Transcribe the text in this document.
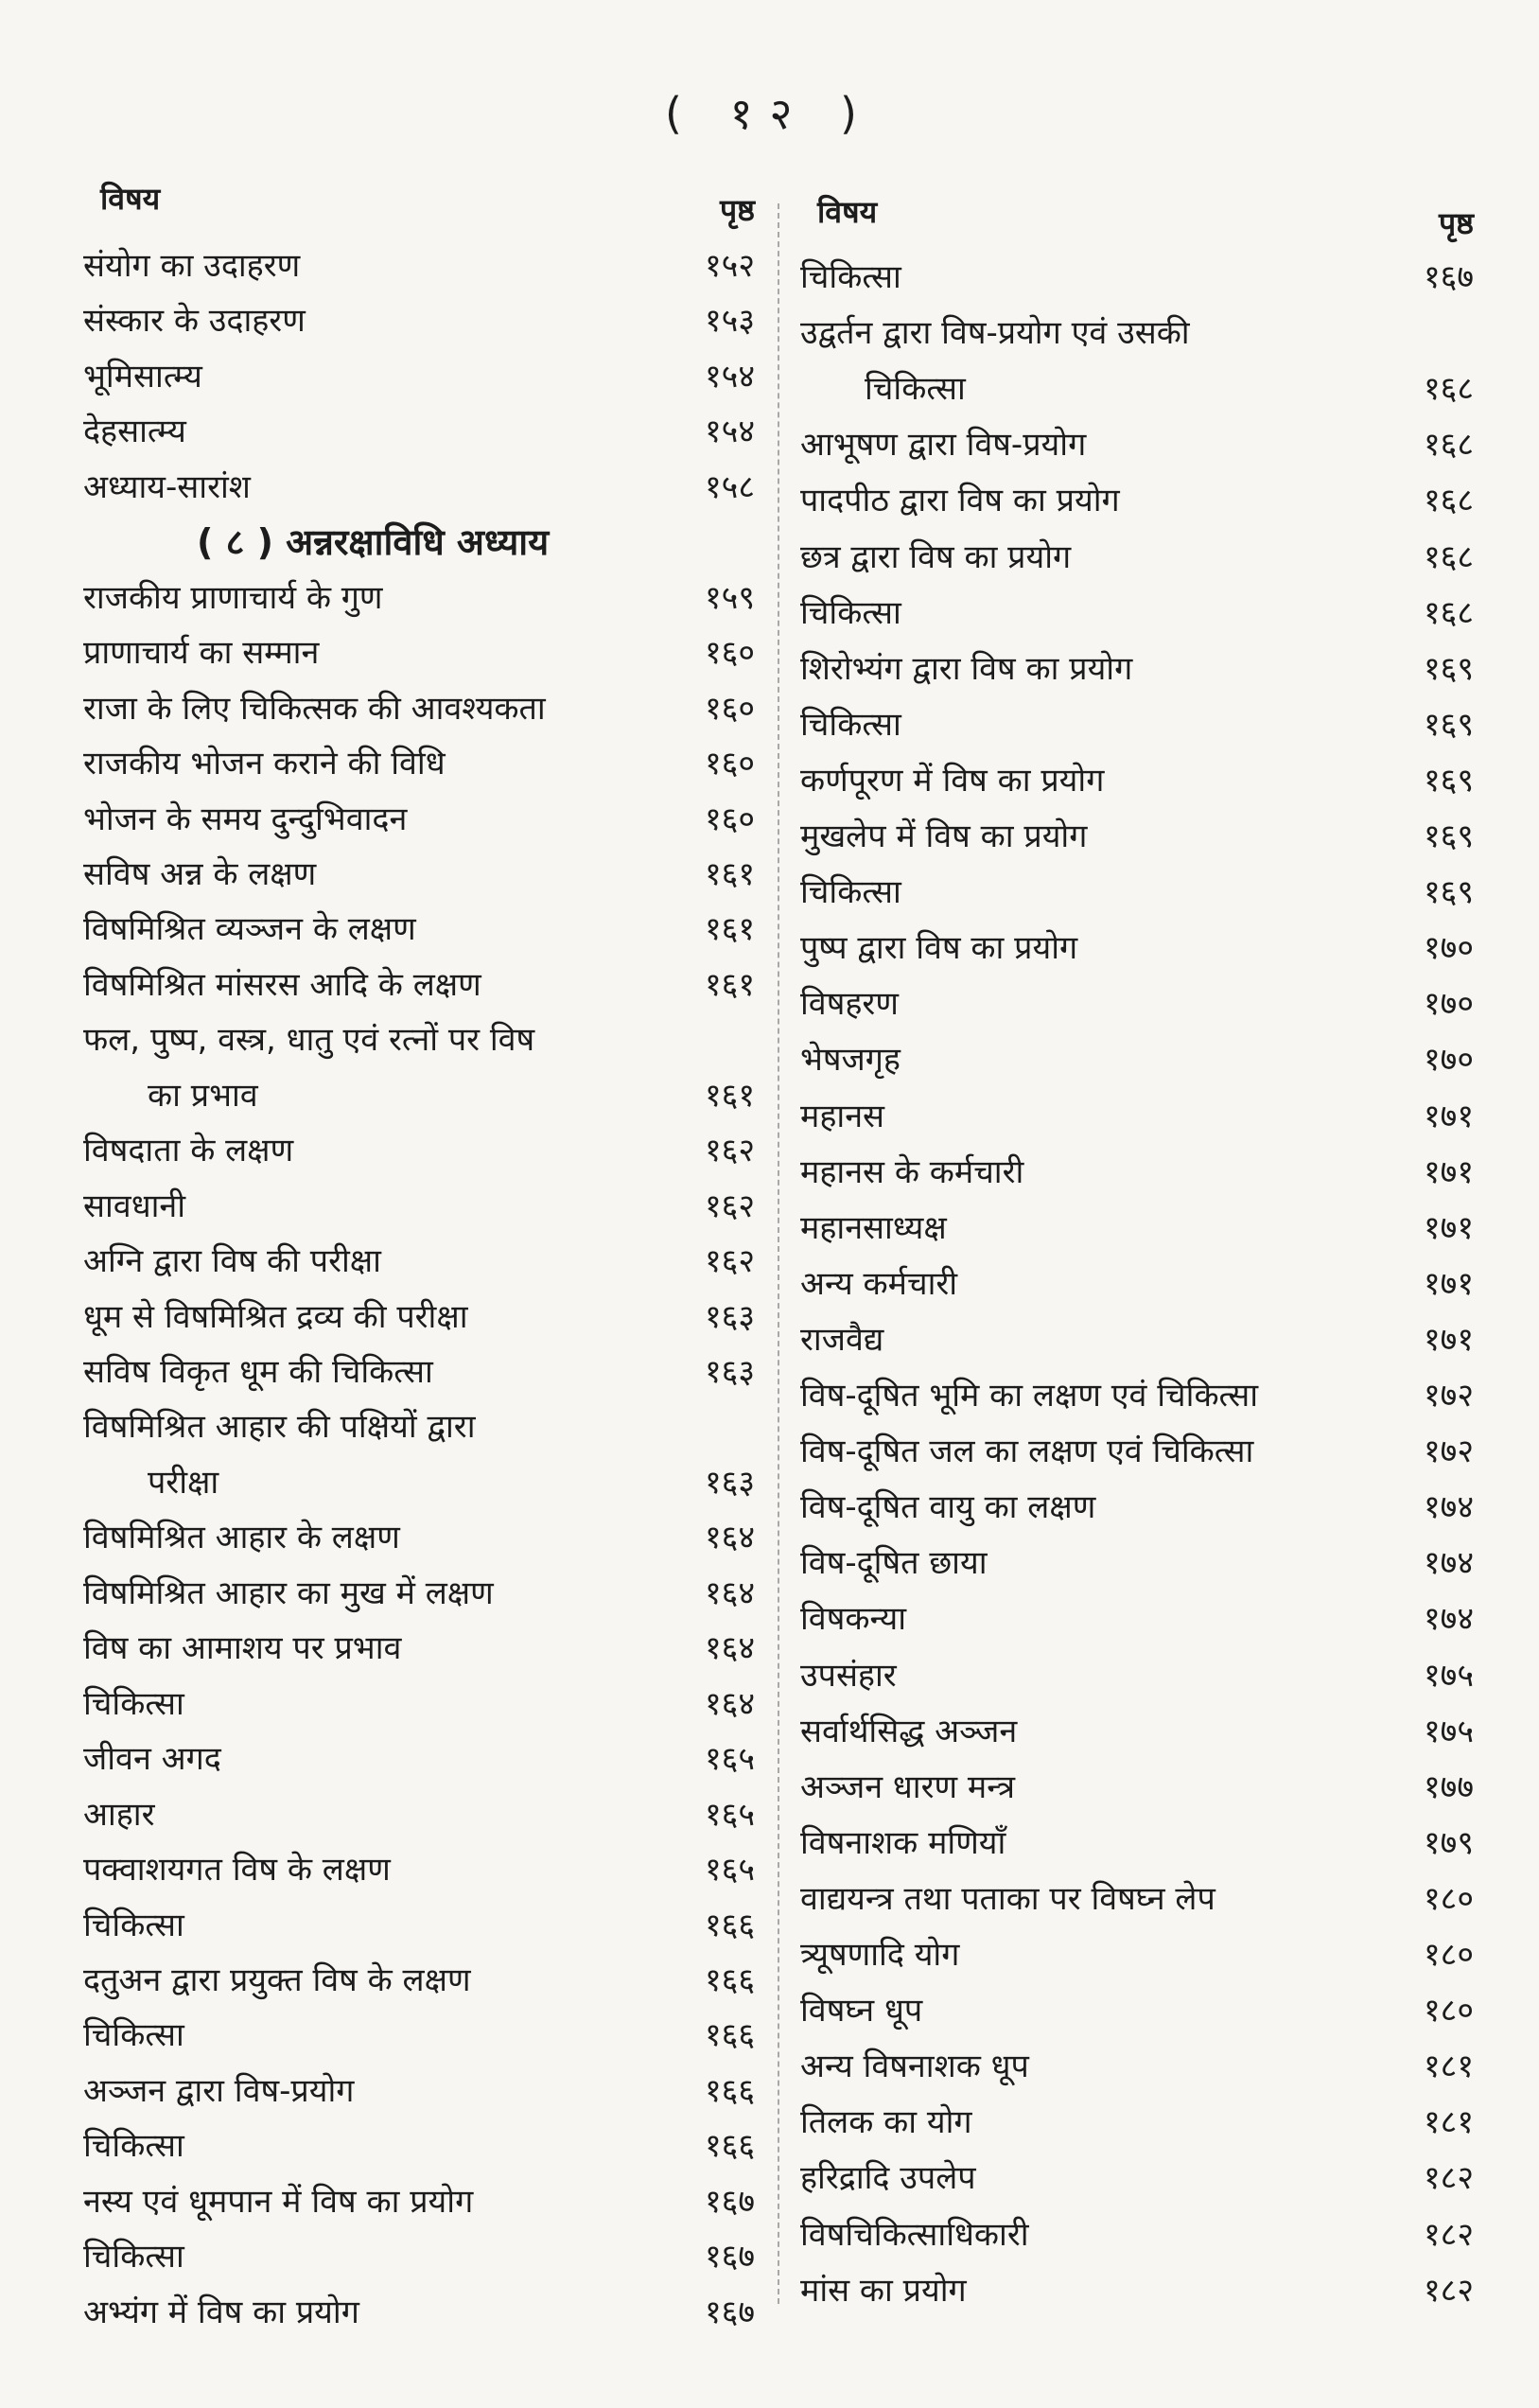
( १२ )
विषय	पृष्ठ
संयोग का उदाहरण	१५२
संस्कार के उदाहरण	१५३
भूमिसात्म्य	१५४
देहसात्म्य	१५४
अध्याय-सारांश	१५८
( ८ ) अन्नरक्षाविधि अध्याय
राजकीय प्राणाचार्य के गुण	१५९
प्राणाचार्य का सम्मान	१६०
राजा के लिए चिकित्सक की आवश्यकता	१६०
राजकीय भोजन कराने की विधि	१६०
भोजन के समय दुन्दुभिवादन	१६०
सविष अन्न के लक्षण	१६१
विषमिश्रित व्यञ्जन के लक्षण	१६१
विषमिश्रित मांसरस आदि के लक्षण	१६१
फल, पुष्प, वस्त्र, धातु एवं रत्नों पर विष
का प्रभाव	१६१
विषदाता के लक्षण	१६२
सावधानी	१६२
अग्नि द्वारा विष की परीक्षा	१६२
धूम से विषमिश्रित द्रव्य की परीक्षा	१६३
सविष विकृत धूम की चिकित्सा	१६३
विषमिश्रित आहार की पक्षियों द्वारा
परीक्षा	१६३
विषमिश्रित आहार के लक्षण	१६४
विषमिश्रित आहार का मुख में लक्षण	१६४
विष का आमाशय पर प्रभाव	१६४
चिकित्सा	१६४
जीवन अगद	१६५
आहार	१६५
पक्वाशयगत विष के लक्षण	१६५
चिकित्सा	१६६
दतुअन द्वारा प्रयुक्त विष के लक्षण	१६६
चिकित्सा	१६६
अञ्जन द्वारा विष-प्रयोग	१६६
चिकित्सा	१६६
नस्य एवं धूमपान में विष का प्रयोग	१६७
चिकित्सा	१६७
अभ्यंग में विष का प्रयोग	१६७
विषय	पृष्ठ
चिकित्सा	१६७
उद्वर्तन द्वारा विष-प्रयोग एवं उसकी
चिकित्सा	१६८
आभूषण द्वारा विष-प्रयोग	१६८
पादपीठ द्वारा विष का प्रयोग	१६८
छत्र द्वारा विष का प्रयोग	१६८
चिकित्सा	१६८
शिरोभ्यंग द्वारा विष का प्रयोग	१६९
चिकित्सा	१६९
कर्णपूरण में विष का प्रयोग	१६९
मुखलेप में विष का प्रयोग	१६९
चिकित्सा	१६९
पुष्प द्वारा विष का प्रयोग	१७०
विषहरण	१७०
भेषजगृह	१७०
महानस	१७१
महानस के कर्मचारी	१७१
महानसाध्यक्ष	१७१
अन्य कर्मचारी	१७१
राजवैद्य	१७१
विष-दूषित भूमि का लक्षण एवं चिकित्सा	१७२
विष-दूषित जल का लक्षण एवं चिकित्सा	१७२
विष-दूषित वायु का लक्षण	१७४
विष-दूषित छाया	१७४
विषकन्या	१७४
उपसंहार	१७५
सर्वार्थसिद्ध अञ्जन	१७५
अञ्जन धारण मन्त्र	१७७
विषनाशक मणियाँ	१७९
वाद्ययन्त्र तथा पताका पर विषघ्न लेप	१८०
त्र्यूषणादि योग	१८०
विषघ्न धूप	१८०
अन्य विषनाशक धूप	१८१
तिलक का योग	१८१
हरिद्रादि उपलेप	१८२
विषचिकित्साधिकारी	१८२
मांस का प्रयोग	१८२
